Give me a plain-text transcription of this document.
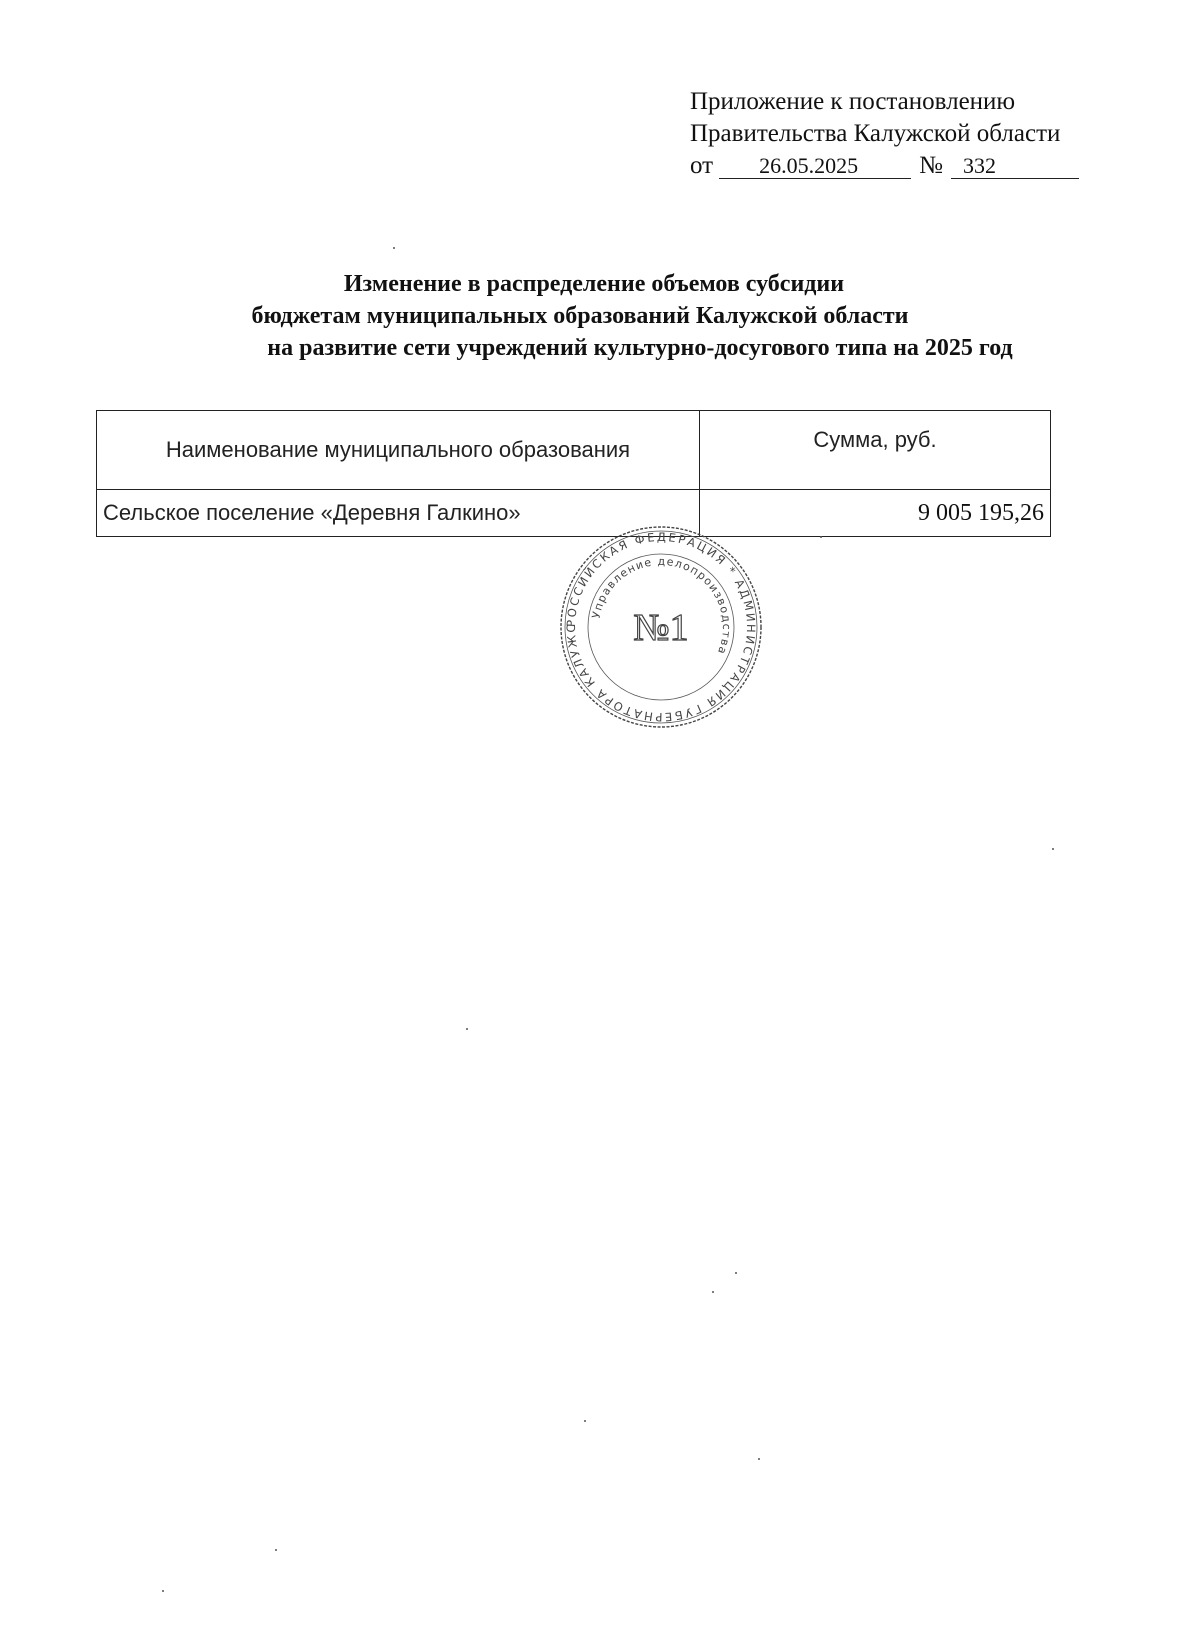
Приложение к постановлению
Правительства Калужской области
от 26.05.2025 № 332
Изменение в распределение объемов субсидии
бюджетам муниципальных образований Калужской области
на развитие сети учреждений культурно-досугового типа на 2025 год
Наименование муниципального образования	Сумма, руб.
Сельское поселение «Деревня Галкино»	9 005 195,26
РОССИЙСКАЯ ФЕДЕРАЦИЯ * АДМИНИСТРАЦИЯ ГУБЕРНАТОРА КАЛУЖС
Управление делопроизводства
№1
